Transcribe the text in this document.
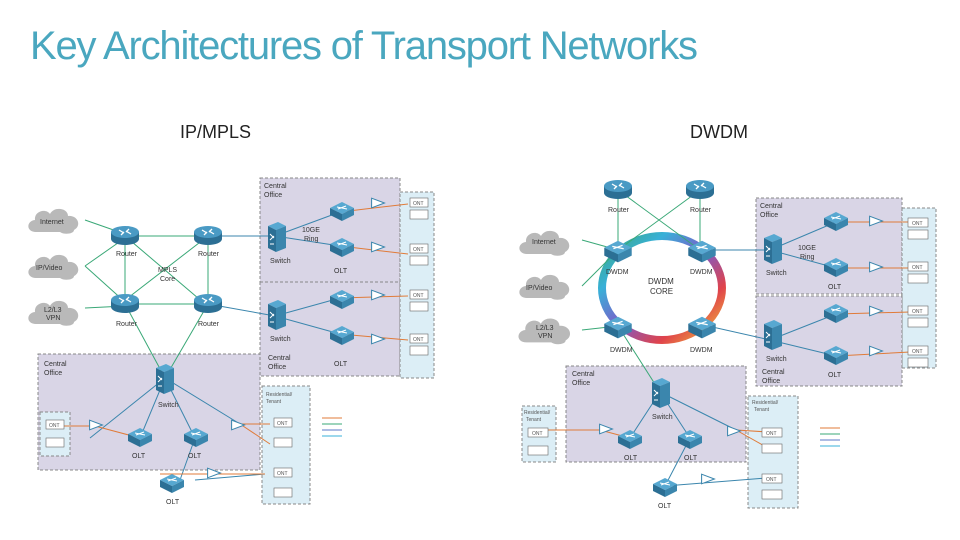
Key Architectures of Transport Networks
IP/MPLS	DWDM
Internet
IP/Video
L2/L3
VPN
Router	Router
Router	Router
MPLS
Core
Central
Office
Central
Office
Central
Office
10GE
Ring
Switch
Switch
Switch
OLT
OLT
OLT	OLT
OLT
ONT
ONT
ONT
ONT
ONT
ONT
ONT
Residential/
Tenant
Internet
IP/Video
L2/L3
VPN
Router	Router
DWDM	DWDM
DWDM	DWDM
DWDM
CORE
Central
Office
Central
Office
Central
Office
10GE
Ring
Switch
Switch
Switch
OLT
OLT
OLT	OLT
OLT
ONT
ONT
ONT
ONT
ONT
ONT
ONT
Residential/
Tenant
Residential/
Tenant
